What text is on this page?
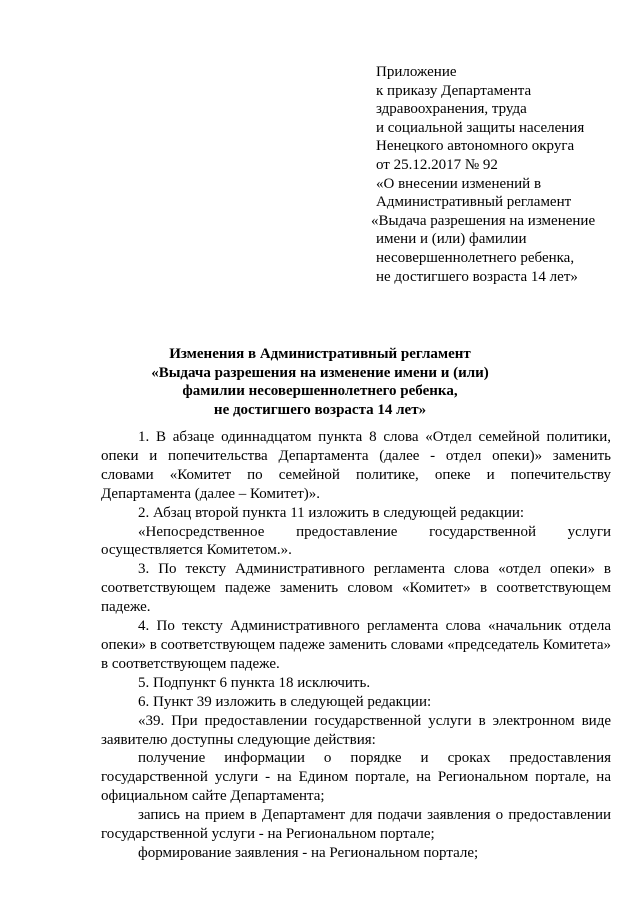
Приложение
к приказу Департамента
здравоохранения, труда
и социальной защиты населения
Ненецкого автономного округа
от 25.12.2017 № 92
«О внесении изменений в
Административный регламент
«Выдача разрешения на изменение
имени и (или) фамилии
несовершеннолетнего ребенка,
не достигшего возраста 14 лет»
Изменения в Административный регламент
«Выдача разрешения на изменение имени и (или)
фамилии несовершеннолетнего ребенка,
не достигшего возраста 14 лет»

1. В абзаце одиннадцатом пункта 8 слова «Отдел семейной политики, опеки и попечительства Департамента (далее - отдел опеки)» заменить словами «Комитет по семейной политике, опеке и попечительству Департамента (далее – Комитет)».

2. Абзац второй пункта 11 изложить в следующей редакции:

«Непосредственное предоставление государственной услуги осуществляется Комитетом.».

3. По тексту Административного регламента слова «отдел опеки» в соответствующем падеже заменить словом «Комитет» в соответствующем падеже.

4. По тексту Административного регламента слова «начальник отдела опеки» в соответствующем падеже заменить словами «председатель Комитета» в соответствующем падеже.

5. Подпункт 6 пункта 18 исключить.

6. Пункт 39 изложить в следующей редакции:

«39. При предоставлении государственной услуги в электронном виде заявителю доступны следующие действия:

получение информации о порядке и сроках предоставления государственной услуги - на Едином портале, на Региональном портале, на официальном сайте Департамента;

запись на прием в Департамент для подачи заявления о предоставлении государственной услуги - на Региональном портале;

формирование заявления - на Региональном портале;
